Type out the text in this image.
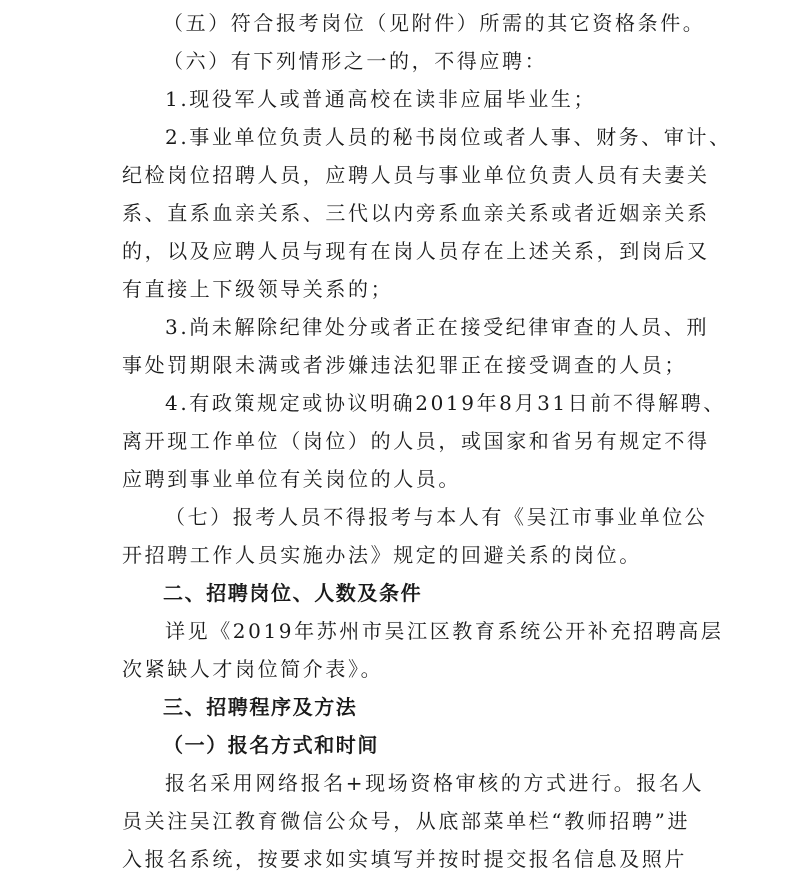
（五）符合报考岗位（见附件）所需的其它资格条件。
（六）有下列情形之一的，不得应聘：
1.现役军人或普通高校在读非应届毕业生；
2.事业单位负责人员的秘书岗位或者人事、财务、审计、
纪检岗位招聘人员，应聘人员与事业单位负责人员有夫妻关
系、直系血亲关系、三代以内旁系血亲关系或者近姻亲关系
的，以及应聘人员与现有在岗人员存在上述关系，到岗后又
有直接上下级领导关系的；
3.尚未解除纪律处分或者正在接受纪律审查的人员、刑
事处罚期限未满或者涉嫌违法犯罪正在接受调查的人员；
4.有政策规定或协议明确2019年8月31日前不得解聘、
离开现工作单位（岗位）的人员，或国家和省另有规定不得
应聘到事业单位有关岗位的人员。
（七）报考人员不得报考与本人有《吴江市事业单位公
开招聘工作人员实施办法》规定的回避关系的岗位。
二、招聘岗位、人数及条件
详见《2019年苏州市吴江区教育系统公开补充招聘高层
次紧缺人才岗位简介表》。
三、招聘程序及方法
（一）报名方式和时间
报名采用网络报名+现场资格审核的方式进行。报名人
员关注吴江教育微信公众号，从底部菜单栏“教师招聘”进
入报名系统，按要求如实填写并按时提交报名信息及照片
